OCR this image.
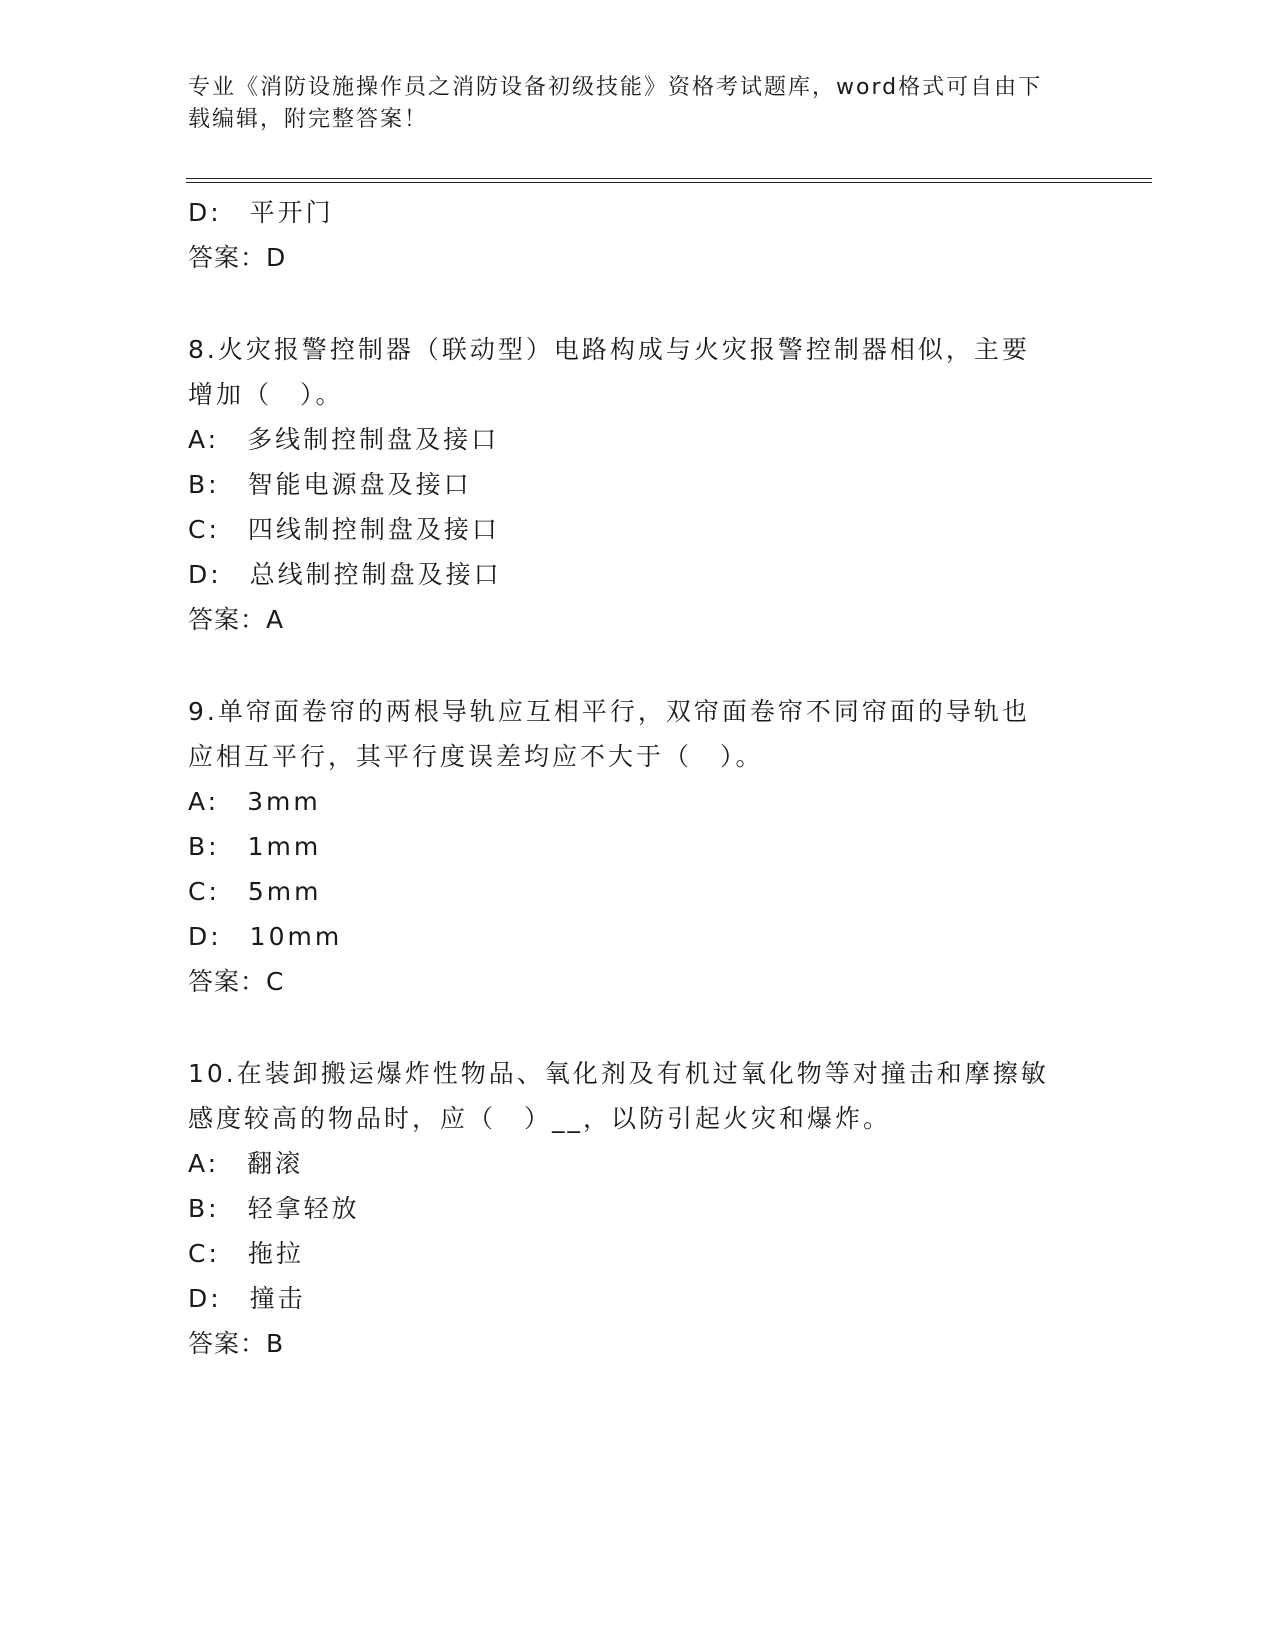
专业《消防设施操作员之消防设备初级技能》资格考试题库，word格式可自由下
载编辑，附完整答案！
D:　平开门
答案：D
8.火灾报警控制器（联动型）电路构成与火灾报警控制器相似，主要
增加（　）。
A:　多线制控制盘及接口
B:　智能电源盘及接口
C:　四线制控制盘及接口
D:　总线制控制盘及接口
答案：A
9.单帘面卷帘的两根导轨应互相平行，双帘面卷帘不同帘面的导轨也
应相互平行，其平行度误差均应不大于（　）。
A:　3mm
B:　1mm
C:　5mm
D:　10mm
答案：C
10.在装卸搬运爆炸性物品、氧化剂及有机过氧化物等对撞击和摩擦敏
感度较高的物品时，应（　）__，以防引起火灾和爆炸。
A:　翻滚
B:　轻拿轻放
C:　拖拉
D:　撞击
答案：B
